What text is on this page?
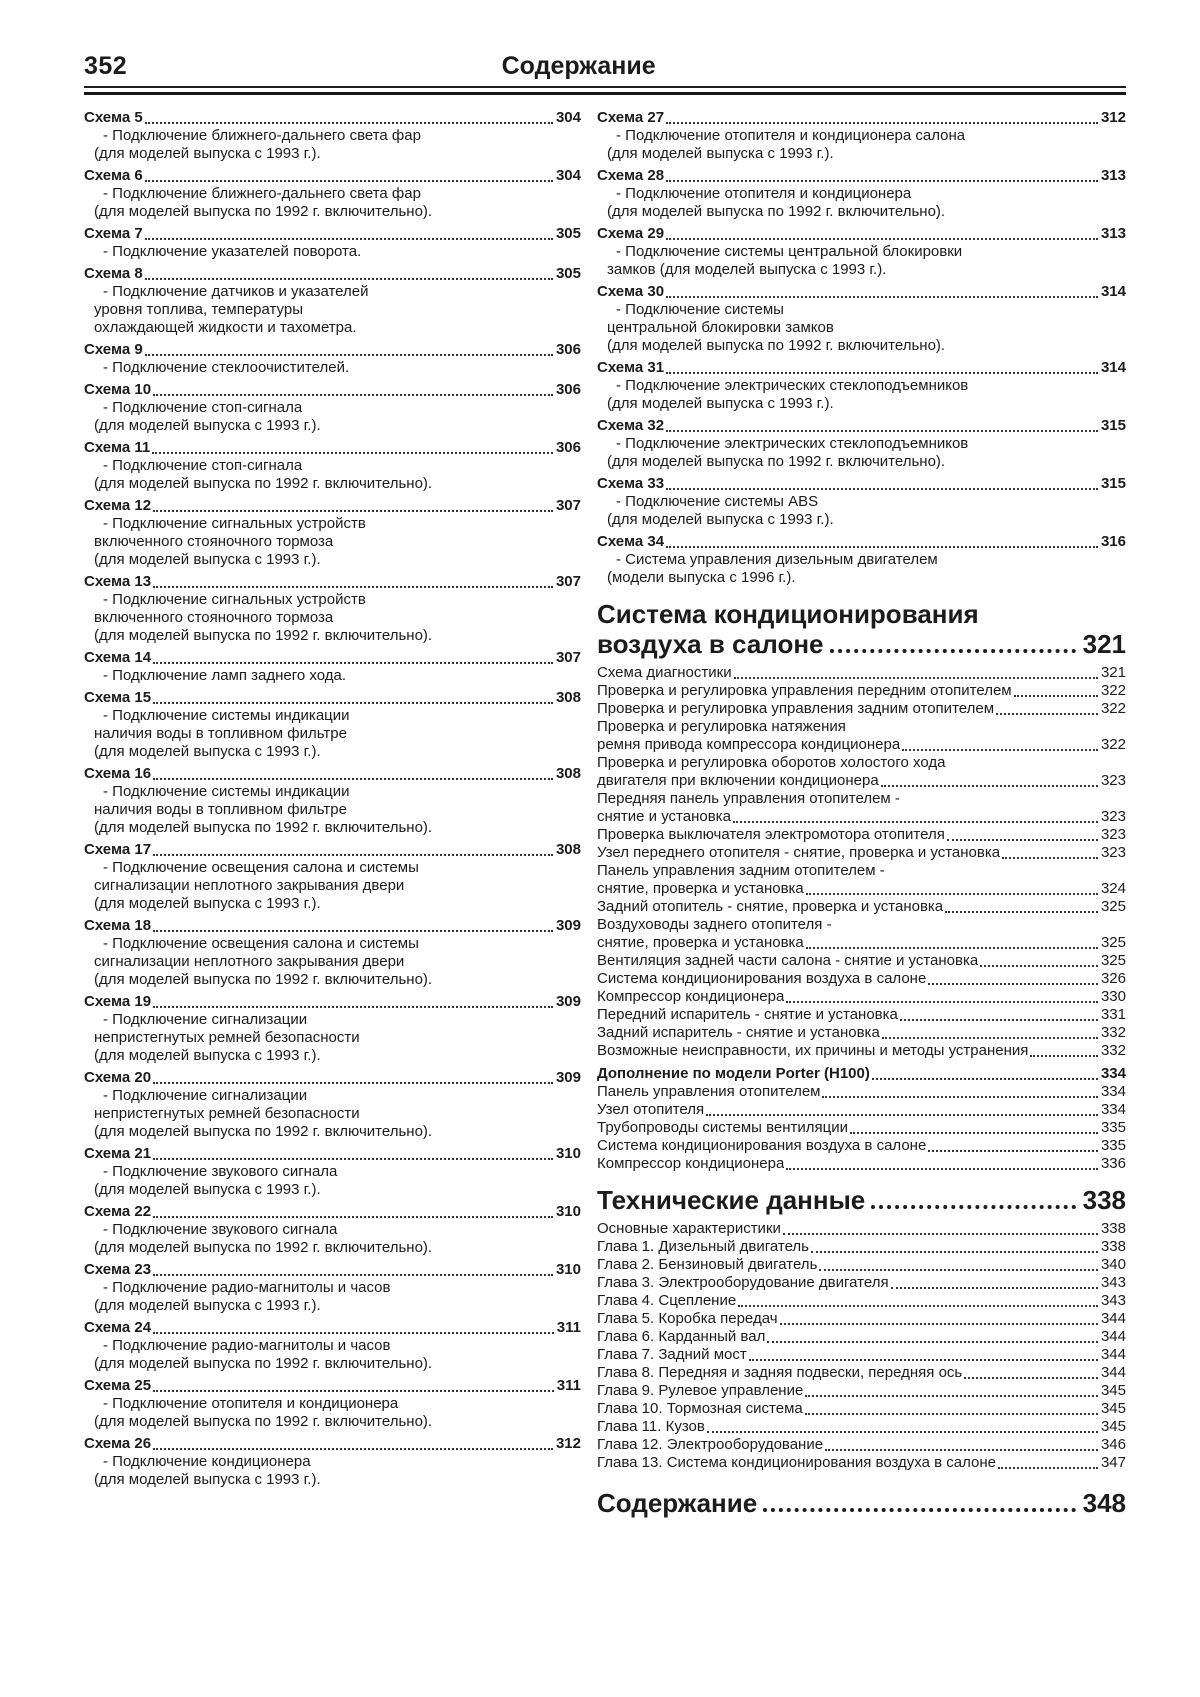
352	Содержание
Схема 5	304
- Подключение ближнего-дальнего света фар
(для моделей выпуска с 1993 г.).
Схема 6	304
- Подключение ближнего-дальнего света фар
(для моделей выпуска по 1992 г. включительно).
Схема 7	305
- Подключение указателей поворота.
Схема 8	305
- Подключение датчиков и указателей
уровня топлива, температуры
охлаждающей жидкости и тахометра.
Схема 9	306
- Подключение стеклоочистителей.
Схема 10	306
- Подключение стоп-сигнала
(для моделей выпуска с 1993 г.).
Схема 11	306
- Подключение стоп-сигнала
(для моделей выпуска по 1992 г. включительно).
Схема 12	307
- Подключение сигнальных устройств
включенного стояночного тормоза
(для моделей выпуска с 1993 г.).
Схема 13	307
- Подключение сигнальных устройств
включенного стояночного тормоза
(для моделей выпуска по 1992 г. включительно).
Схема 14	307
- Подключение ламп заднего хода.
Схема 15	308
- Подключение системы индикации
наличия воды в топливном фильтре
(для моделей выпуска с 1993 г.).
Схема 16	308
- Подключение системы индикации
наличия воды в топливном фильтре
(для моделей выпуска по 1992 г. включительно).
Схема 17	308
- Подключение освещения салона и системы
сигнализации неплотного закрывания двери
(для моделей выпуска с 1993 г.).
Схема 18	309
- Подключение освещения салона и системы
сигнализации неплотного закрывания двери
(для моделей выпуска по 1992 г. включительно).
Схема 19	309
- Подключение сигнализации
непристегнутых ремней безопасности
(для моделей выпуска с 1993 г.).
Схема 20	309
- Подключение сигнализации
непристегнутых ремней безопасности
(для моделей выпуска по 1992 г. включительно).
Схема 21	310
- Подключение звукового сигнала
(для моделей выпуска с 1993 г.).
Схема 22	310
- Подключение звукового сигнала
(для моделей выпуска по 1992 г. включительно).
Схема 23	310
- Подключение радио-магнитолы и часов
(для моделей выпуска с 1993 г.).
Схема 24	311
- Подключение радио-магнитолы и часов
(для моделей выпуска по 1992 г. включительно).
Схема 25	311
- Подключение отопителя и кондиционера
(для моделей выпуска по 1992 г. включительно).
Схема 26	312
- Подключение кондиционера
(для моделей выпуска с 1993 г.).
Схема 27	312
- Подключение отопителя и кондиционера салона
(для моделей выпуска с 1993 г.).
Схема 28	313
- Подключение отопителя и кондиционера
(для моделей выпуска по 1992 г. включительно).
Схема 29	313
- Подключение системы центральной блокировки
замков (для моделей выпуска с 1993 г.).
Схема 30	314
- Подключение системы
центральной блокировки замков
(для моделей выпуска по 1992 г. включительно).
Схема 31	314
- Подключение электрических стеклоподъемников
(для моделей выпуска с 1993 г.).
Схема 32	315
- Подключение электрических стеклоподъемников
(для моделей выпуска по 1992 г. включительно).
Схема 33	315
- Подключение системы ABS
(для моделей выпуска с 1993 г.).
Схема 34	316
- Система управления дизельным двигателем
(модели выпуска с 1996 г.).
Система кондиционирования
воздуха в салоне	321
Схема диагностики	321
Проверка и регулировка управления передним отопителем	322
Проверка и регулировка управления задним отопителем	322
Проверка и регулировка натяжения
ремня привода компрессора кондиционера	322
Проверка и регулировка оборотов холостого хода
двигателя при включении кондиционера	323
Передняя панель управления отопителем -
снятие и установка	323
Проверка выключателя электромотора отопителя	323
Узел переднего отопителя - снятие, проверка и установка	323
Панель управления задним отопителем -
снятие, проверка и установка	324
Задний отопитель - снятие, проверка и установка	325
Воздуховоды заднего отопителя -
снятие, проверка и установка	325
Вентиляция задней части салона - снятие и установка	325
Система кондиционирования воздуха в салоне	326
Компрессор кондиционера	330
Передний испаритель - снятие и установка	331
Задний испаритель - снятие и установка	332
Возможные неисправности, их причины и методы устранения	332
Дополнение по модели Porter (H100)	334
Панель управления отопителем	334
Узел отопителя	334
Трубопроводы системы вентиляции	335
Система кондиционирования воздуха в салоне	335
Компрессор кондиционера	336
Технические данные	338
Основные характеристики	338
Глава 1. Дизельный двигатель	338
Глава 2. Бензиновый двигатель	340
Глава 3. Электрооборудование двигателя	343
Глава 4. Сцепление	343
Глава 5. Коробка передач	344
Глава 6. Карданный вал	344
Глава 7. Задний мост	344
Глава 8. Передняя и задняя подвески, передняя ось	344
Глава 9. Рулевое управление	345
Глава 10. Тормозная система	345
Глава 11. Кузов	345
Глава 12. Электрооборудование	346
Глава 13. Система кондиционирования воздуха в салоне	347
Содержание	348
